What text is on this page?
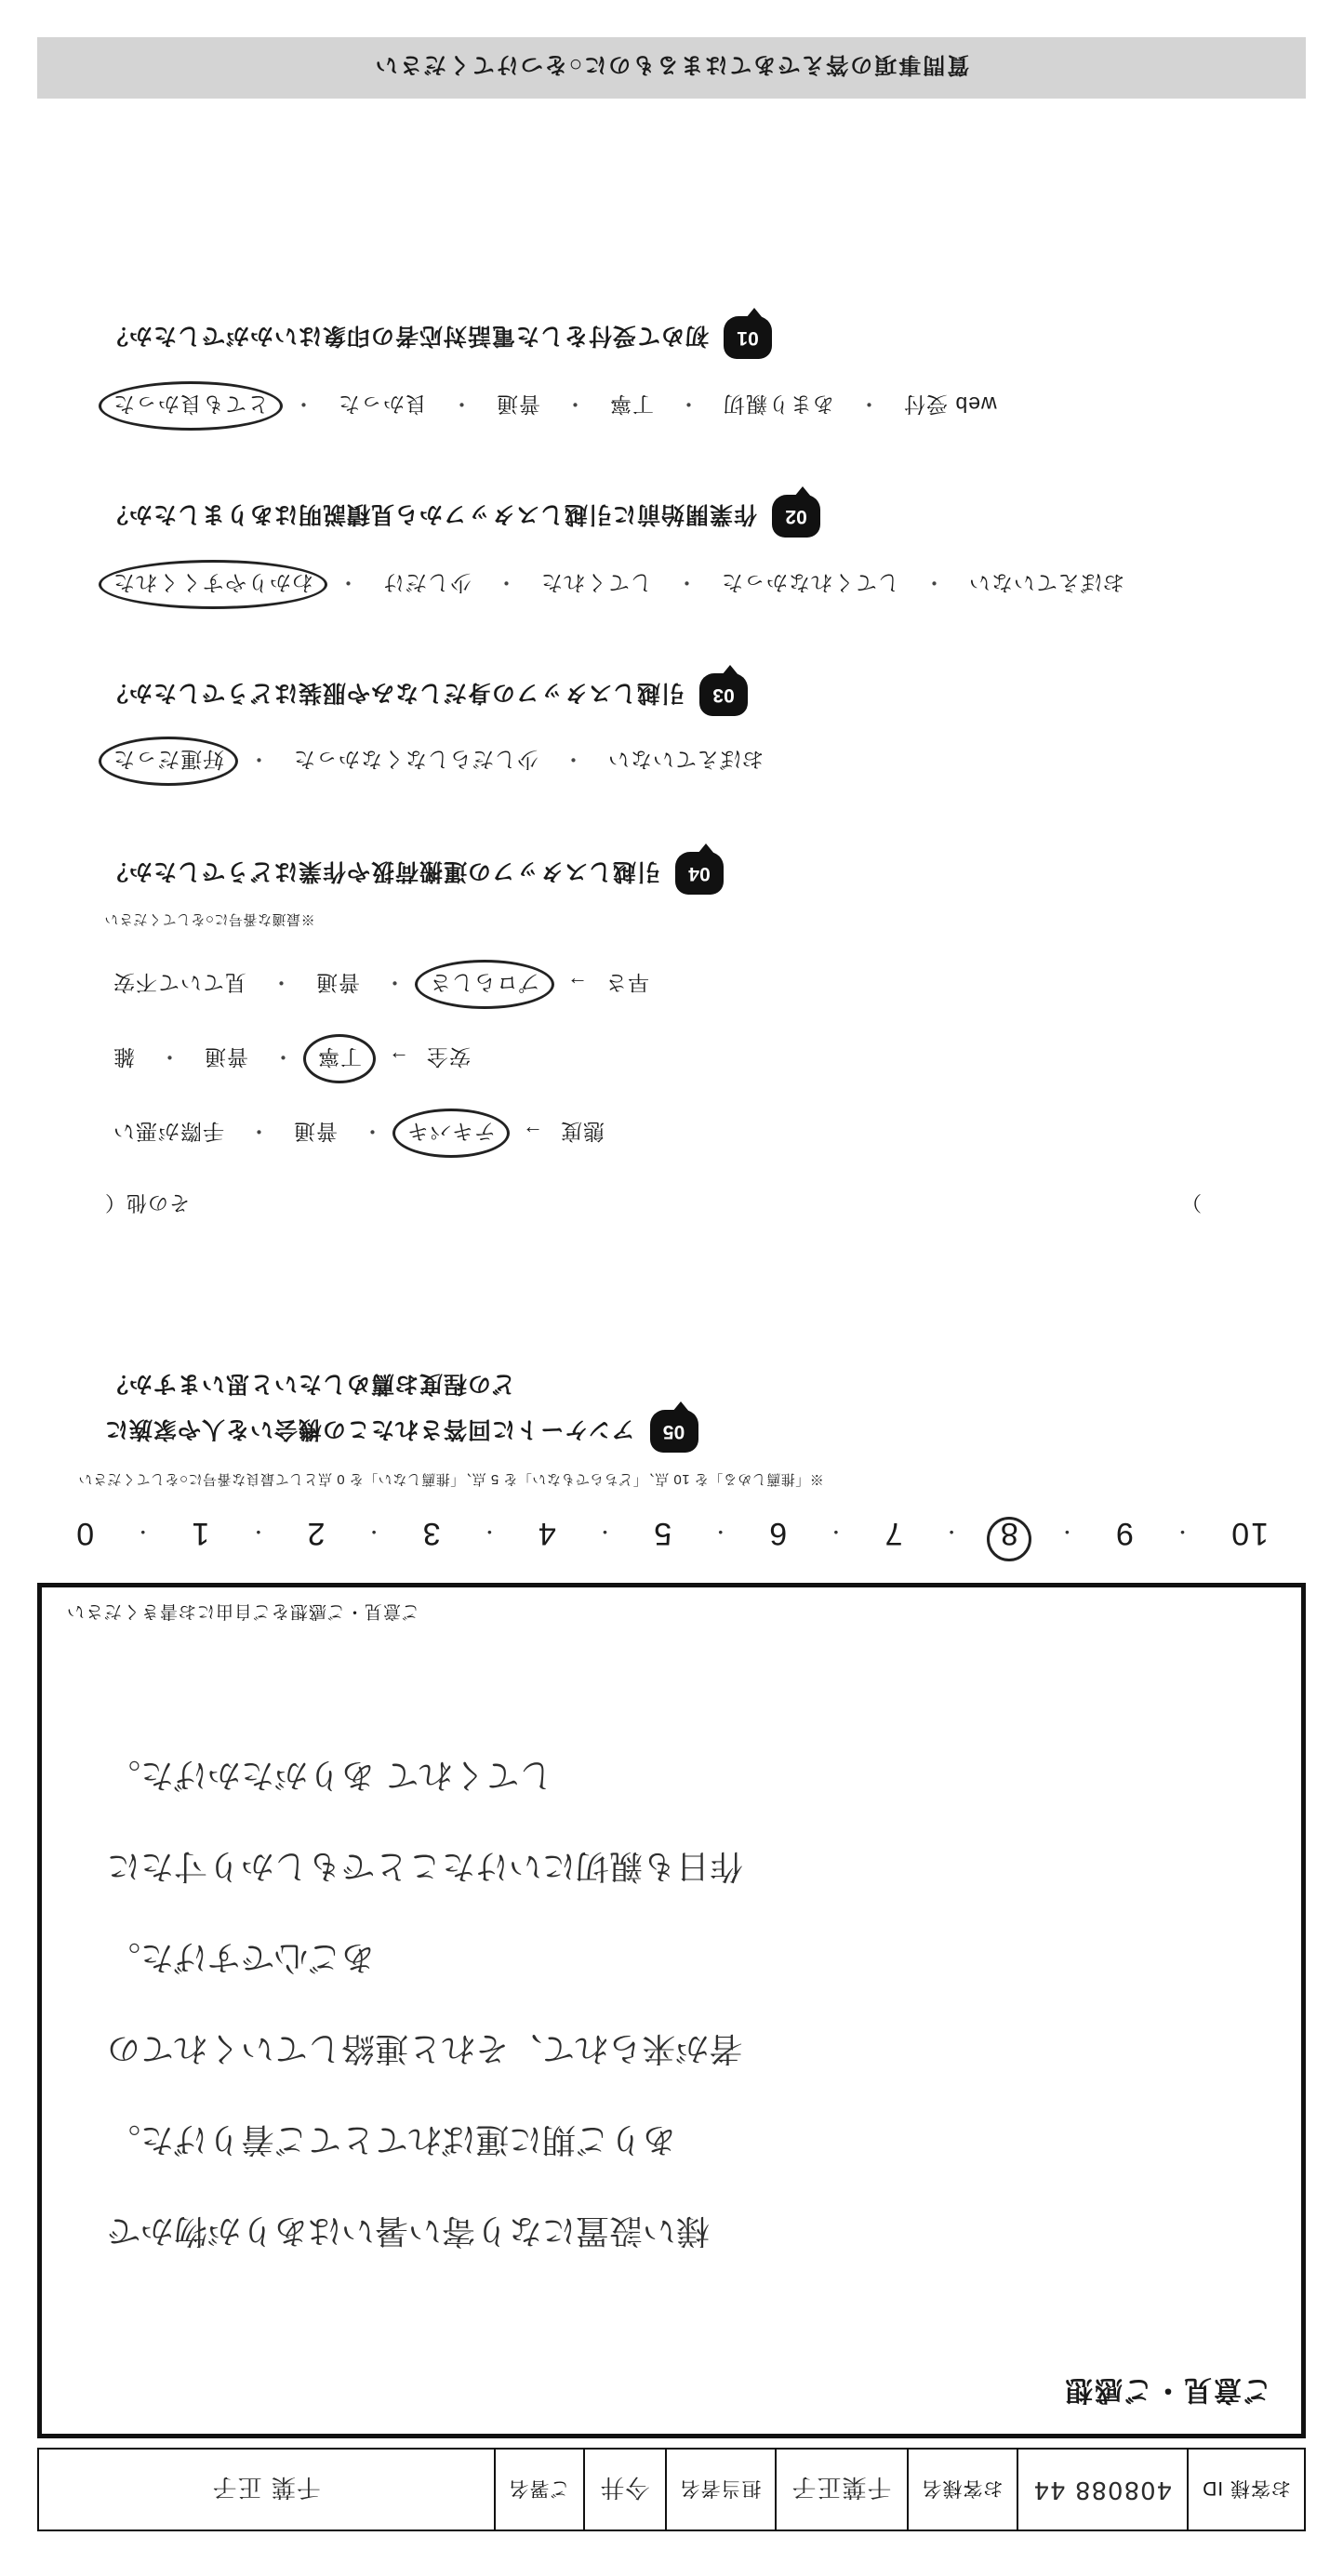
お客様 ID
408088 44
お客様名
千葉正子
担当者名
今井
ご署名
千葉 正子
ご意見・ご感想
様い設置になり寄い暑いはありが物かで
ありご期に運ばれてとてご着りげた。
者が来られて、それと連絡していくれての
あご心ですげた。
作日も親切にいけたことでもしかり寸たに
してくれて ありがたかげた。
ご意見・ご感想をご自由にお書きください
10
・
9
・
8
・
7
・
6
・
5
・
4
・
3
・
2
・
1
・
0
※「推薦しめる」を 10 点、「どちらでもない」を 5 点、「推薦しない」を 0 点として最良な番号に○をしてください
05
アンケートに回答されたこの機会いを人や家族に
どの程度お薦めしたいと思いますか？
）
その他（
態度
→
テキパキ
・
普通
・
手際が悪い
安全
→
丁寧
・
普通
・
雑
早さ
→
プロらしさ
・
普通
・
見ていて不安
※最適な番号に○をしてください
04
引越しスタッフの運搬荷扱や作業はどうでしたか？
おぼえていない
・
少しだらしなくなかった
・
好運だった
03
引越しスタッフの身だしなみや服装はどうでしたか？
おぼえていない
・
してくれなかった
・
してくれた
・
少しだけ
・
わかりやすくくれた
02
作業開始前に引越しスタッフから見積説明はありましたか？
web 受付
・
あまり親切
・
丁寧
・
普通
・
良かった
・
とても良かった
01
初めて受付をした電話対応者の印象はいかがでしたか？
質問事項の答えであてはまるものに○をつけてください
